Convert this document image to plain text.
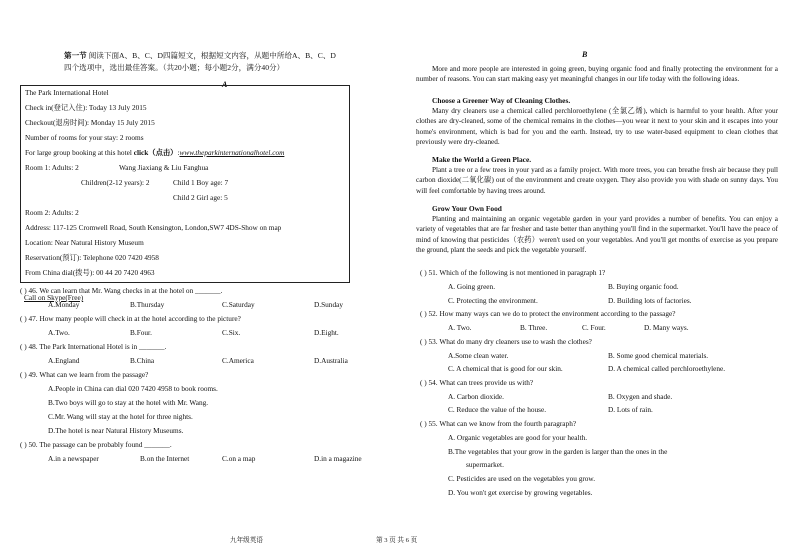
第一节 阅读下面A、B、C、D四篇短文，根据短文内容，从题中所给A、B、C、D
四个选项中，选出最佳答案。（共20小题；每小题2分，满分40分）
A
The Park International Hotel
Check in(登记入住): Today 13 July 2015
Checkout(退房时间): Monday 15 July 2015
Number of rooms for your stay: 2 rooms
For large group booking at this hotel click（点击）:www.theparkinternationalhotel.com
Room 1: Adults: 2	Wang Jiaxiang & Liu Fanghua
Children(2-12 years): 2	Child 1 Boy age: 7
Child 2 Girl age: 5
Room 2: Adults: 2
Address: 117-125 Cromwell Road, South Kensington, London,SW7 4DS-Show on map
Location: Near Natural History Museum
Reservation(预订): Telephone 020 7420 4958
From China dial(拨号): 00 44 20 7420 4963
Call on Skype(Free)
( ) 46. We can learn that Mr. Wang checks in at the hotel on _______.
A.Monday	B.Thursday	C.Saturday	D.Sunday
( ) 47. How many people will check in at the hotel according to the picture?
A.Two.	B.Four.	C.Six.	D.Eight.
( ) 48. The Park International Hotel is in _______.
A.England	B.China	C.America	D.Australia
( ) 49. What can we learn from the passage?
A.People in China can dial 020 7420 4958 to book rooms.
B.Two boys will go to stay at the hotel with Mr. Wang.
C.Mr. Wang will stay at the hotel for three nights.
D.The hotel is near Natural History Museums.
( ) 50. The passage can be probably found _______.
A.in a newspaper	B.on the Internet	C.on a map	D.in a magazine
九年级英语
B
More and more people are interested in going green, buying organic food and finally protecting the environment for a number of reasons. You can start making easy yet meaningful changes in our life today with the following ideas.
Choose a Greener Way of Cleaning Clothes.
Many dry cleaners use a chemical called perchloroethylene (全氯乙烯), which is harmful to your health. After your clothes are dry-cleaned, some of the chemical remains in the clothes—you wear it next to your skin and it escapes into your home's environment, which is bad for you and the earth. Instead, try to use water-based equipment to clean clothes that previously were dry-cleaned.
Make the World a Green Place.
Plant a tree or a few trees in your yard as a family project. With more trees, you can breathe fresh air because they pull carbon dioxide(二氧化碳) out of the environment and create oxygen. They also provide you with shade on sunny days. You will feel comfortable by having trees around.
Grow Your Own Food
Planting and maintaining an organic vegetable garden in your yard provides a number of benefits. You can enjoy a variety of vegetables that are far fresher and taste better than anything you'll find in the supermarket. You'll have the peace of mind of knowing that pesticides（农药）weren't used on your vegetables. And you'll get months of exercise as you prepare the ground, plant the seeds and pick the vegetable yourself.
( ) 51. Which of the following is not mentioned in paragraph 1?
A. Going green.	B. Buying organic food.
C. Protecting the environment.	D. Building lots of factories.
( ) 52. How many ways can we do to protect the environment according to the passage?
A. Two.	B. Three.	C. Four.	D. Many ways.
( ) 53. What do many dry cleaners use to wash the clothes?
A.Some clean water.	B. Some good chemical materials.
C. A chemical that is good for our skin.	D. A chemical called perchloroethylene.
( ) 54. What can trees provide us with?
A. Carbon dioxide.	B. Oxygen and shade.
C. Reduce the value of the house.	D. Lots of rain.
( ) 55. What can we know from the fourth paragraph?
A. Organic vegetables are good for your health.
B.The vegetables that your grow in the garden is larger than the ones in the
supermarket.
C. Pesticides are used on the vegetables you grow.
D. You won't get exercise by growing vegetables.
第 3 页 共 6 页
